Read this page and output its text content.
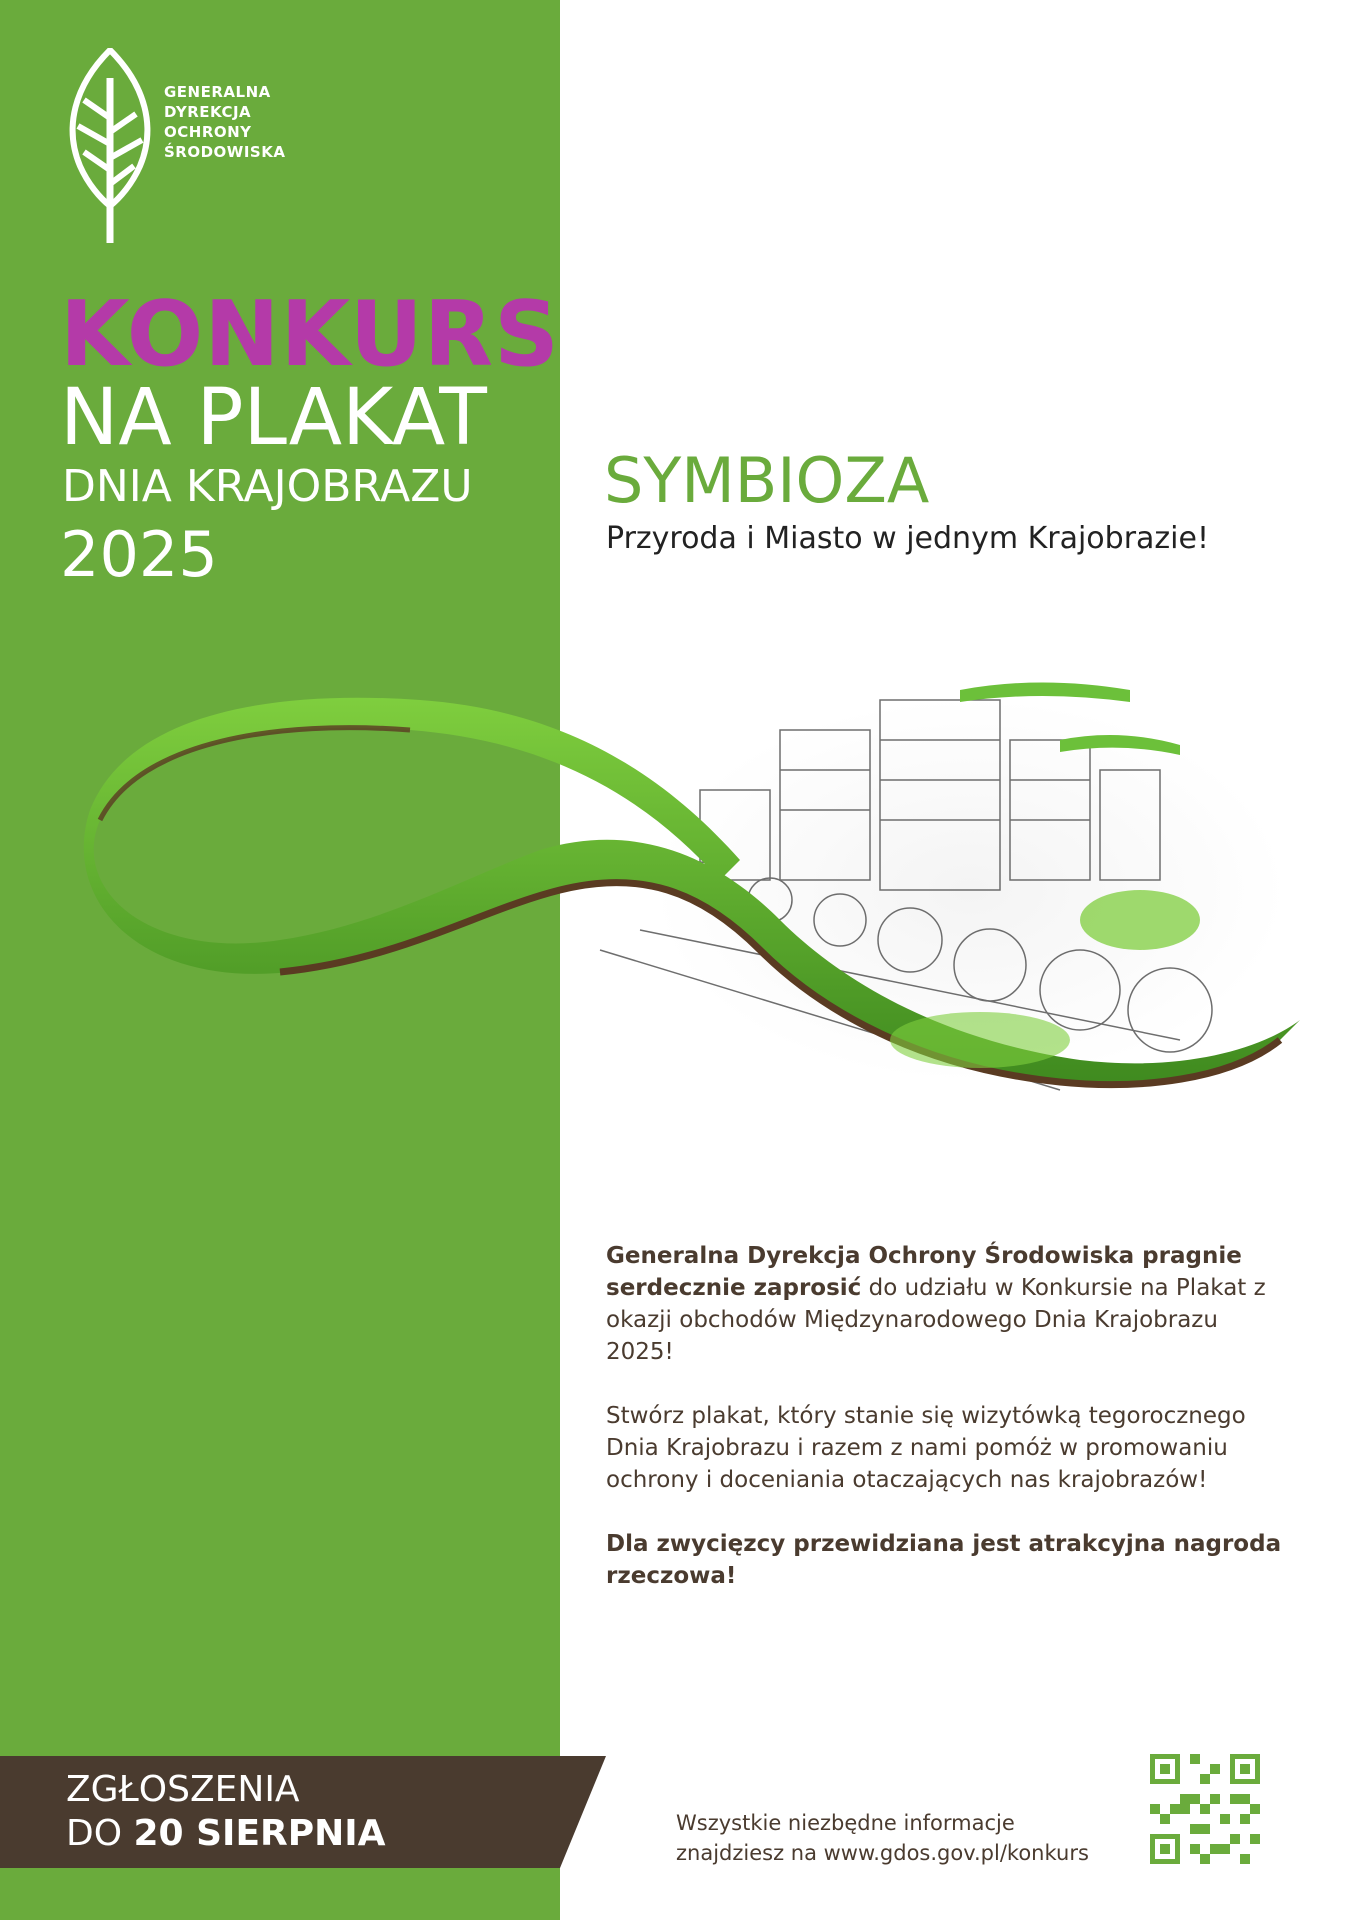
GENERALNA
DYREKCJA
OCHRONY
ŚRODOWISKA
KONKURS
NA PLAKAT
DNIA KRAJOBRAZU
2025
SYMBIOZA
Przyroda i Miasto w jednym Krajobrazie!

Generalna Dyrekcja Ochrony Środowiska pragnie serdecznie zaprosić do udziału w Konkursie na Plakat z okazji obchodów Międzynarodowego Dnia Krajobrazu 2025!

Stwórz plakat, który stanie się wizytówką tegorocznego Dnia Krajobrazu i razem z nami pomóż w promowaniu ochrony i doceniania otaczających nas krajobrazów!

Dla zwycięzcy przewidziana jest atrakcyjna nagroda rzeczowa!

ZGŁOSZENIA
DO 20 SIERPNIA	Wszystkie niezbędne informacje
znajdziesz na www.gdos.gov.pl/konkurs
